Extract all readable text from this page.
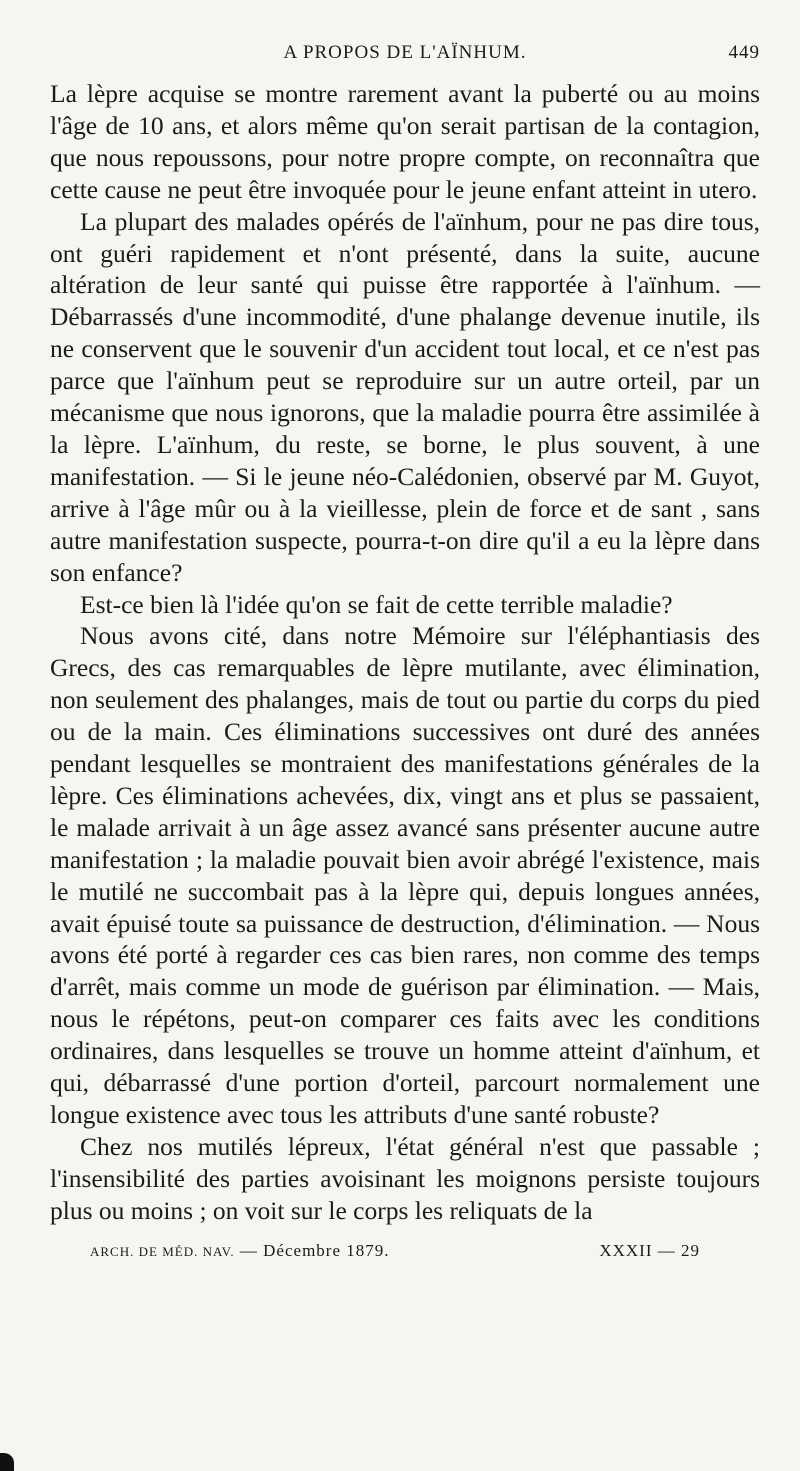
A PROPOS DE L'AÏNHUM.	449

La lèpre acquise se montre rarement avant la puberté ou au moins l'âge de 10 ans, et alors même qu'on serait partisan de la contagion, que nous repoussons, pour notre propre compte, on reconnaîtra que cette cause ne peut être invoquée pour le jeune enfant atteint in utero.

La plupart des malades opérés de l'aïnhum, pour ne pas dire tous, ont guéri rapidement et n'ont présenté, dans la suite, aucune altération de leur santé qui puisse être rapportée à l'aïnhum. — Débarrassés d'une incommodité, d'une phalange devenue inutile, ils ne conservent que le souvenir d'un accident tout local, et ce n'est pas parce que l'aïnhum peut se reproduire sur un autre orteil, par un mécanisme que nous ignorons, que la maladie pourra être assimilée à la lèpre. L'aïnhum, du reste, se borne, le plus souvent, à une manifestation. — Si le jeune néo-Calédonien, observé par M. Guyot, arrive à l'âge mûr ou à la vieillesse, plein de force et de sant , sans autre manifestation suspecte, pourra-t-on dire qu'il a eu la lèpre dans son enfance?

Est-ce bien là l'idée qu'on se fait de cette terrible maladie?

Nous avons cité, dans notre Mémoire sur l'éléphantiasis des Grecs, des cas remarquables de lèpre mutilante, avec élimination, non seulement des phalanges, mais de tout ou partie du corps du pied ou de la main. Ces éliminations successives ont duré des années pendant lesquelles se montraient des manifestations générales de la lèpre. Ces éliminations achevées, dix, vingt ans et plus se passaient, le malade arrivait à un âge assez avancé sans présenter aucune autre manifestation ; la maladie pouvait bien avoir abrégé l'existence, mais le mutilé ne succombait pas à la lèpre qui, depuis longues années, avait épuisé toute sa puissance de destruction, d'élimination. — Nous avons été porté à regarder ces cas bien rares, non comme des temps d'arrêt, mais comme un mode de guérison par élimination. — Mais, nous le répétons, peut-on comparer ces faits avec les conditions ordinaires, dans lesquelles se trouve un homme atteint d'aïnhum, et qui, débarrassé d'une portion d'orteil, parcourt normalement une longue existence avec tous les attributs d'une santé robuste?

Chez nos mutilés lépreux, l'état général n'est que passable ; l'insensibilité des parties avoisinant les moignons persiste toujours plus ou moins ; on voit sur le corps les reliquats de la

ARCH. DE MÉD. NAV. — Décembre 1879.	XXXII — 29
